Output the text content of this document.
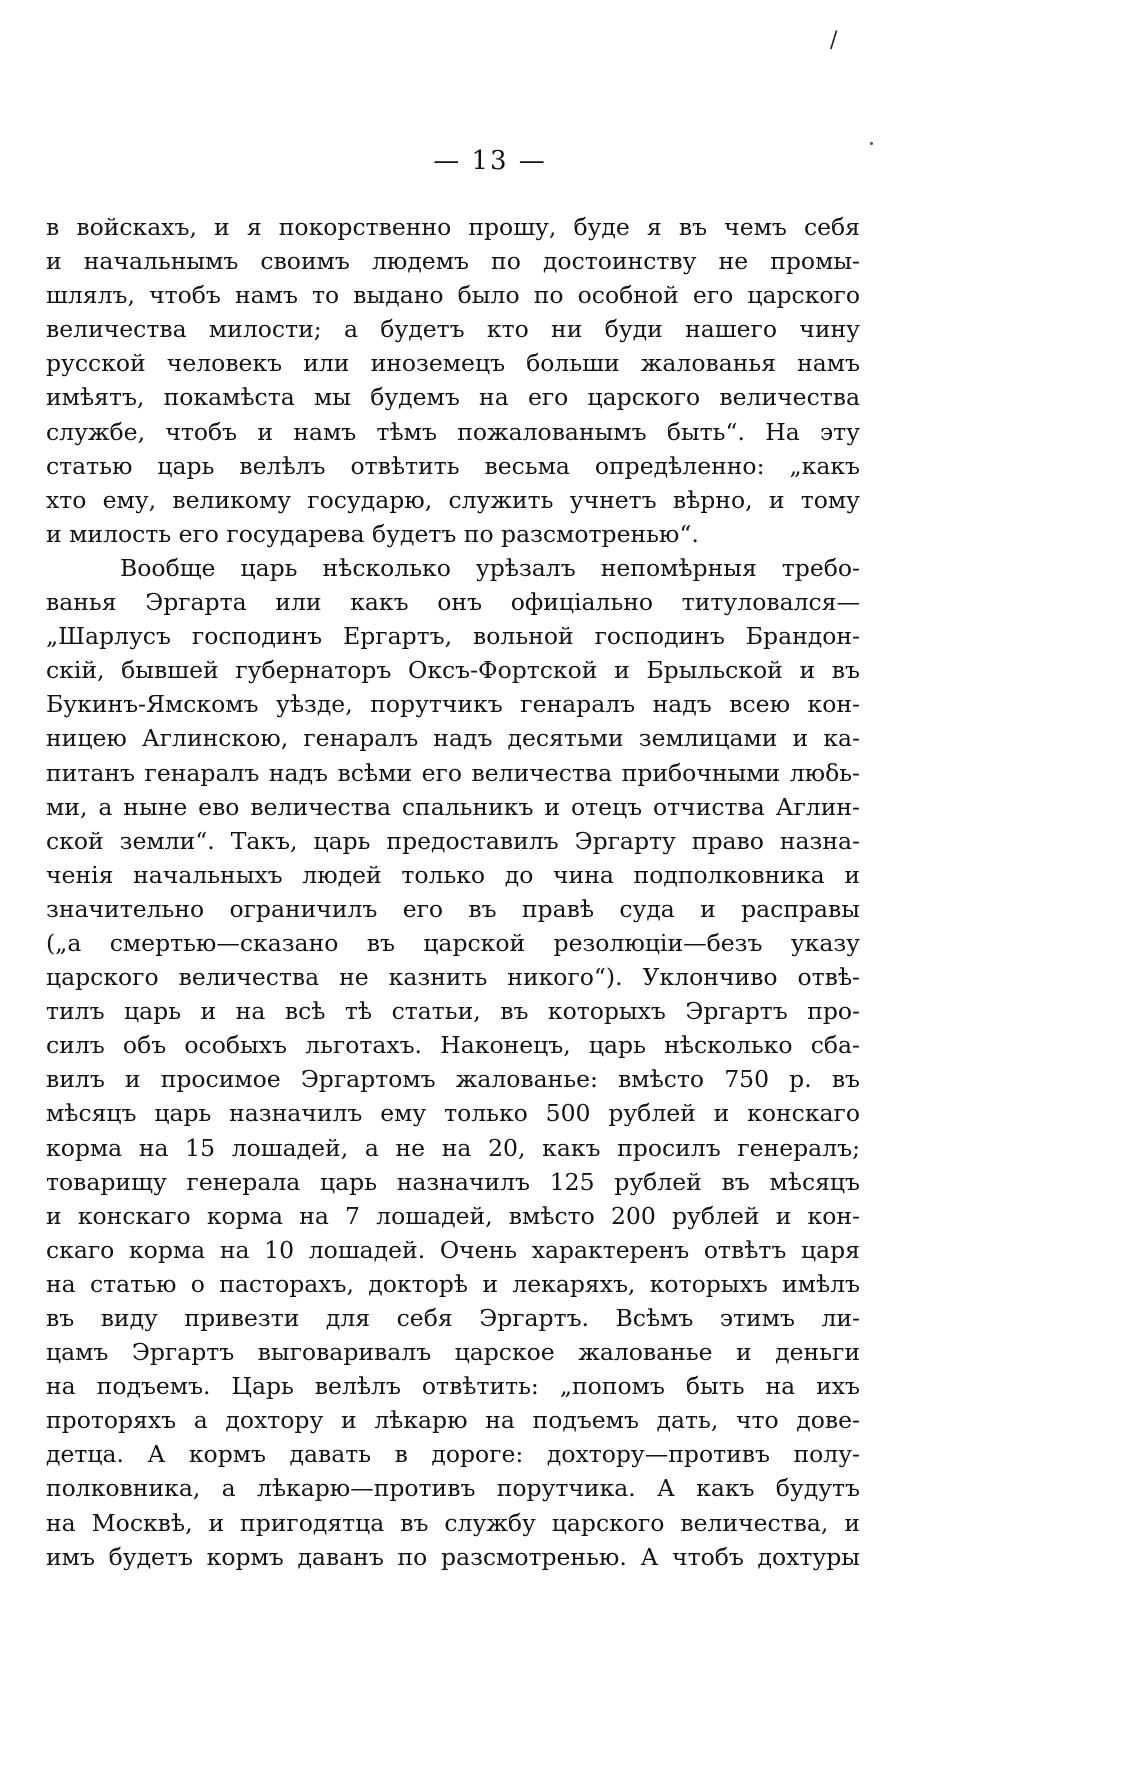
/
— 13 —
в войскахъ, и я покорственно прошу, буде я въ чемъ себя
и начальнымъ своимъ людемъ по достоинству не промы-
шлялъ, чтобъ намъ то выдано было по особной его царского
величества милости; а будетъ кто ни буди нашего чину
русской человекъ или иноземецъ больши жалованья намъ
имѣятъ, покамѣста мы будемъ на его царского величества
службе, чтобъ и намъ тѣмъ пожалованымъ быть“. На эту
статью царь велѣлъ отвѣтить весьма опредѣленно: „какъ
хто ему, великому государю, служить учнетъ вѣрно, и тому
и милость его государева будетъ по разсмотренью“.
Вообще царь нѣсколько урѣзалъ непомѣрныя требо-
ванья Эргарта или какъ онъ офиціально титуловался—
„Шарлусъ господинъ Ергартъ, вольной господинъ Брандон-
скій, бывшей губернаторъ Оксъ-Фортской и Брыльской и въ
Букинъ-Ямскомъ уѣзде, порутчикъ генаралъ надъ всею кон-
ницею Аглинскою, генаралъ надъ десятьми землицами и ка-
питанъ генаралъ надъ всѣми его величества прибочными люδь-
ми, а ныне ево величества спальникъ и отецъ отчиства Аглин-
ской земли“. Такъ, царь предоставилъ Эргарту право назна-
ченія начальныхъ людей только до чина подполковника и
значительно ограничилъ его въ правѣ суда и расправы
(„а смертью—сказано въ царской резолюціи—безъ указу
царского величества не казнить никого“). Уклончиво отвѣ-
тилъ царь и на всѣ тѣ статьи, въ которыхъ Эргартъ про-
силъ объ особыхъ льготахъ. Наконецъ, царь нѣсколько сба-
вилъ и просимое Эргартомъ жалованье: вмѣсто 750 р. въ
мѣсяцъ царь назначилъ ему только 500 рублей и конскаго
корма на 15 лошадей, а не на 20, какъ просилъ генералъ;
товарищу генерала царь назначилъ 125 рублей въ мѣсяцъ
и конскаго корма на 7 лошадей, вмѣсто 200 рублей и кон-
скаго корма на 10 лошадей. Очень характеренъ отвѣтъ царя
на статью о пасторахъ, докторѣ и лекаряхъ, которыхъ имѣлъ
въ виду привезти для себя Эргартъ. Всѣмъ этимъ ли-
цамъ Эргартъ выговаривалъ царское жалованье и деньги
на подъемъ. Царь велѣлъ отвѣтить: „попомъ быть на ихъ
проторяхъ а дохтору и лѣкарю на подъемъ дать, что дове-
детца. А кормъ давать в дороге: дохтору—противъ полу-
полковника, а лѣкарю—противъ порутчика. А какъ будутъ
на Москвѣ, и пригодятца въ службу царского величества, и
имъ будетъ кормъ даванъ по разсмотренью. А чтобъ дохтуры
